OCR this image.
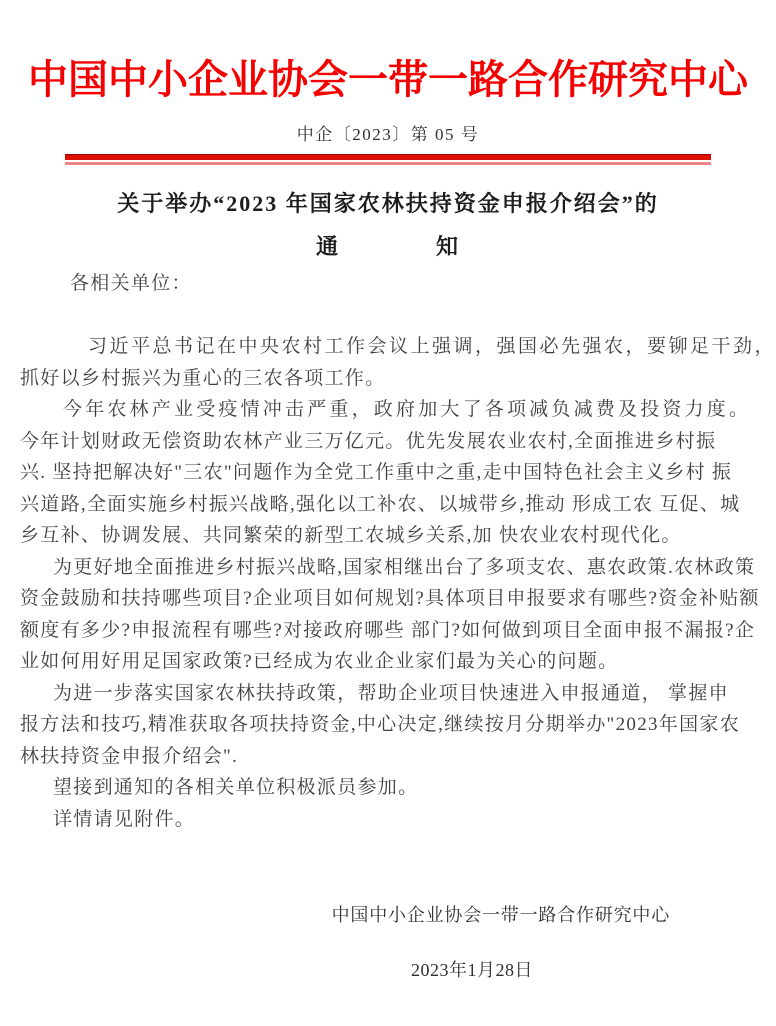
中国中小企业协会一带一路合作研究中心
中企〔2023〕第 05 号
关于举办“2023 年国家农林扶持资金申报介绍会”的
通　　　　知
各相关单位：

习近平总书记在中央农村工作会议上强调，强国必先强农，要铆足干劲，
抓好以乡村振兴为重心的三农各项工作。
今年农林产业受疫情冲击严重，政府加大了各项减负减费及投资力度。
今年计划财政无偿资助农林产业三万亿元。优先发展农业农村,全面推进乡村振
兴. 坚持把解决好"三农"问题作为全党工作重中之重,走中国特色社会主义乡村 振
兴道路,全面实施乡村振兴战略,强化以工补农、以城带乡,推动 形成工农 互促、城
乡互补、协调发展、共同繁荣的新型工农城乡关系,加 快农业农村现代化。
为更好地全面推进乡村振兴战略,国家相继出台了多项支农、惠农政策.农林政策
资金鼓励和扶持哪些项目?企业项目如何规划?具体项目申报要求有哪些?资金补贴额
额度有多少?申报流程有哪些?对接政府哪些 部门?如何做到项目全面申报不漏报?企
业如何用好用足国家政策?已经成为农业企业家们最为关心的问题。
为进一步落实国家农林扶持政策，帮助企业项目快速进入申报通道， 掌握申
报方法和技巧,精准获取各项扶持资金,中心决定,继续按月分期举办"2023年国家农
林扶持资金申报介绍会".
望接到通知的各相关单位积极派员参加。
详情请见附件。
中国中小企业协会一带一路合作研究中心
2023年1月28日
